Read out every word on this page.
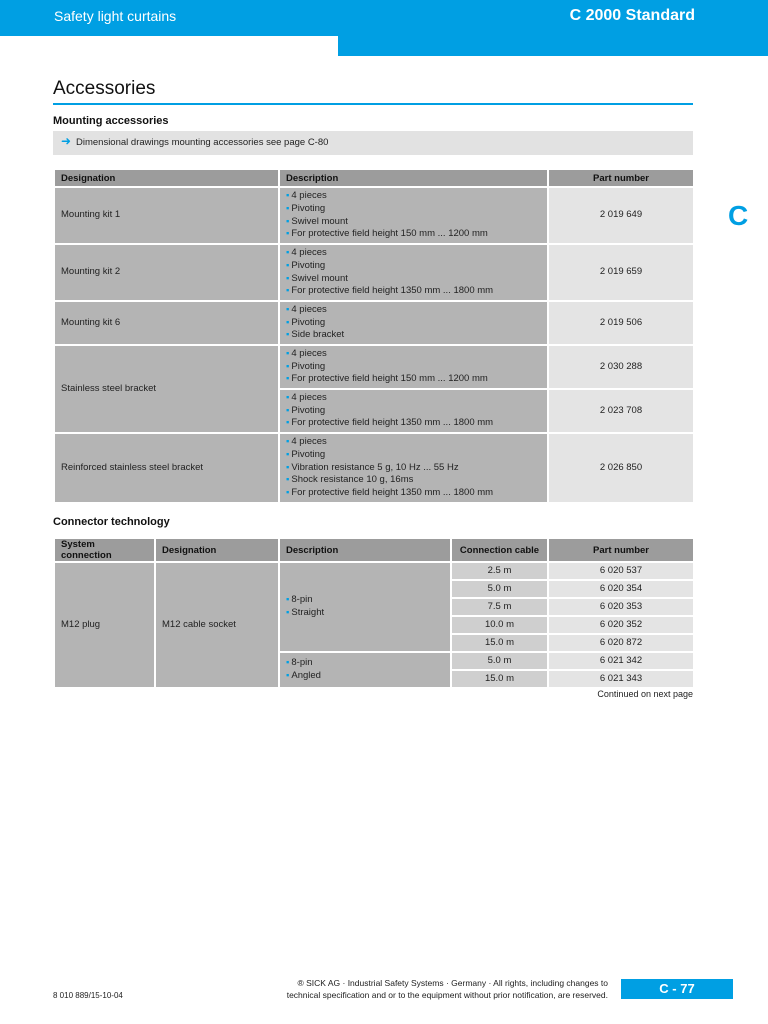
Safety light curtains	C 2000 Standard
Accessories
C
Mounting accessories
➜ Dimensional drawings mounting accessories see page C-80
Designation	Description	Part number
Mounting kit 1	▪ 4 pieces
▪ Pivoting
▪ Swivel mount
▪ For protective field height 150 mm ... 1200 mm	2 019 649
Mounting kit 2	▪ 4 pieces
▪ Pivoting
▪ Swivel mount
▪ For protective field height 1350 mm ... 1800 mm	2 019 659
Mounting kit 6	▪ 4 pieces
▪ Pivoting
▪ Side bracket	2 019 506
Stainless steel bracket	▪ 4 pieces
▪ Pivoting
▪ For protective field height 150 mm ... 1200 mm	2 030 288

	▪ 4 pieces
▪ Pivoting
▪ For protective field height 1350 mm ... 1800 mm	2 023 708
Reinforced stainless steel bracket	▪ 4 pieces
▪ Pivoting
▪ Vibration resistance 5 g, 10 Hz ... 55 Hz
▪ Shock resistance 10 g, 16ms
▪ For protective field height 1350 mm ... 1800 mm	2 026 850
Connector technology
System connection	Designation	Description	Connection cable	Part number
M12 plug	M12 cable socket	▪ 8-pin
▪ Straight	2.5 m	6 020 537
			5.0 m	6 020 354
			7.5 m	6 020 353
			10.0 m	6 020 352
			15.0 m	6 020 872

		▪ 8-pin
▪ Angled	5.0 m	6 021 342
			15.0 m	6 021 343
Continued on next page
8 010 889/15-10-04
® SICK AG · Industrial Safety Systems · Germany · All rights, including changes to
technical specification and or to the equipment without prior notification, are reserved.	C - 77
